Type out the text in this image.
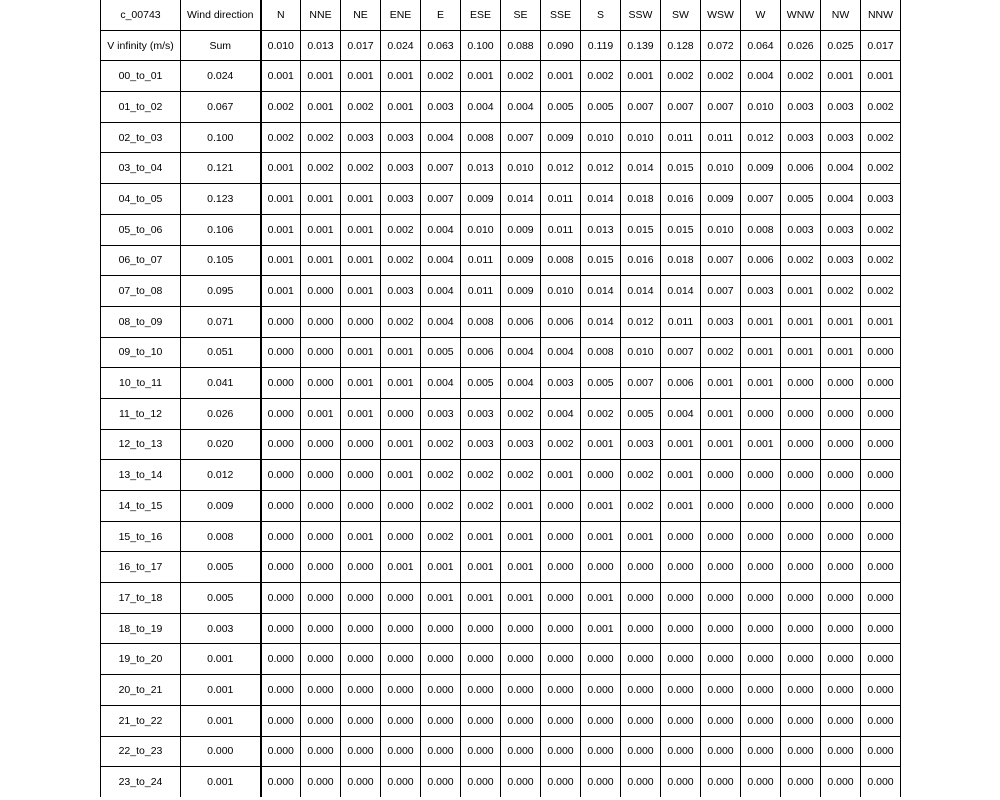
c_00743	Wind direction	N	NNE	NE	ENE	E	ESE	SE	SSE	S	SSW	SW	WSW	W	WNW	NW	NNW
V infinity (m/s)	Sum	0.010	0.013	0.017	0.024	0.063	0.100	0.088	0.090	0.119	0.139	0.128	0.072	0.064	0.026	0.025	0.017
00_to_01	0.024	0.001	0.001	0.001	0.001	0.002	0.001	0.002	0.001	0.002	0.001	0.002	0.002	0.004	0.002	0.001	0.001
01_to_02	0.067	0.002	0.001	0.002	0.001	0.003	0.004	0.004	0.005	0.005	0.007	0.007	0.007	0.010	0.003	0.003	0.002
02_to_03	0.100	0.002	0.002	0.003	0.003	0.004	0.008	0.007	0.009	0.010	0.010	0.011	0.011	0.012	0.003	0.003	0.002
03_to_04	0.121	0.001	0.002	0.002	0.003	0.007	0.013	0.010	0.012	0.012	0.014	0.015	0.010	0.009	0.006	0.004	0.002
04_to_05	0.123	0.001	0.001	0.001	0.003	0.007	0.009	0.014	0.011	0.014	0.018	0.016	0.009	0.007	0.005	0.004	0.003
05_to_06	0.106	0.001	0.001	0.001	0.002	0.004	0.010	0.009	0.011	0.013	0.015	0.015	0.010	0.008	0.003	0.003	0.002
06_to_07	0.105	0.001	0.001	0.001	0.002	0.004	0.011	0.009	0.008	0.015	0.016	0.018	0.007	0.006	0.002	0.003	0.002
07_to_08	0.095	0.001	0.000	0.001	0.003	0.004	0.011	0.009	0.010	0.014	0.014	0.014	0.007	0.003	0.001	0.002	0.002
08_to_09	0.071	0.000	0.000	0.000	0.002	0.004	0.008	0.006	0.006	0.014	0.012	0.011	0.003	0.001	0.001	0.001	0.001
09_to_10	0.051	0.000	0.000	0.001	0.001	0.005	0.006	0.004	0.004	0.008	0.010	0.007	0.002	0.001	0.001	0.001	0.000
10_to_11	0.041	0.000	0.000	0.001	0.001	0.004	0.005	0.004	0.003	0.005	0.007	0.006	0.001	0.001	0.000	0.000	0.000
11_to_12	0.026	0.000	0.001	0.001	0.000	0.003	0.003	0.002	0.004	0.002	0.005	0.004	0.001	0.000	0.000	0.000	0.000
12_to_13	0.020	0.000	0.000	0.000	0.001	0.002	0.003	0.003	0.002	0.001	0.003	0.001	0.001	0.001	0.000	0.000	0.000
13_to_14	0.012	0.000	0.000	0.000	0.001	0.002	0.002	0.002	0.001	0.000	0.002	0.001	0.000	0.000	0.000	0.000	0.000
14_to_15	0.009	0.000	0.000	0.000	0.000	0.002	0.002	0.001	0.000	0.001	0.002	0.001	0.000	0.000	0.000	0.000	0.000
15_to_16	0.008	0.000	0.000	0.001	0.000	0.002	0.001	0.001	0.000	0.001	0.001	0.000	0.000	0.000	0.000	0.000	0.000
16_to_17	0.005	0.000	0.000	0.000	0.001	0.001	0.001	0.001	0.000	0.000	0.000	0.000	0.000	0.000	0.000	0.000	0.000
17_to_18	0.005	0.000	0.000	0.000	0.000	0.001	0.001	0.001	0.000	0.001	0.000	0.000	0.000	0.000	0.000	0.000	0.000
18_to_19	0.003	0.000	0.000	0.000	0.000	0.000	0.000	0.000	0.000	0.001	0.000	0.000	0.000	0.000	0.000	0.000	0.000
19_to_20	0.001	0.000	0.000	0.000	0.000	0.000	0.000	0.000	0.000	0.000	0.000	0.000	0.000	0.000	0.000	0.000	0.000
20_to_21	0.001	0.000	0.000	0.000	0.000	0.000	0.000	0.000	0.000	0.000	0.000	0.000	0.000	0.000	0.000	0.000	0.000
21_to_22	0.001	0.000	0.000	0.000	0.000	0.000	0.000	0.000	0.000	0.000	0.000	0.000	0.000	0.000	0.000	0.000	0.000
22_to_23	0.000	0.000	0.000	0.000	0.000	0.000	0.000	0.000	0.000	0.000	0.000	0.000	0.000	0.000	0.000	0.000	0.000
23_to_24	0.001	0.000	0.000	0.000	0.000	0.000	0.000	0.000	0.000	0.000	0.000	0.000	0.000	0.000	0.000	0.000	0.000
